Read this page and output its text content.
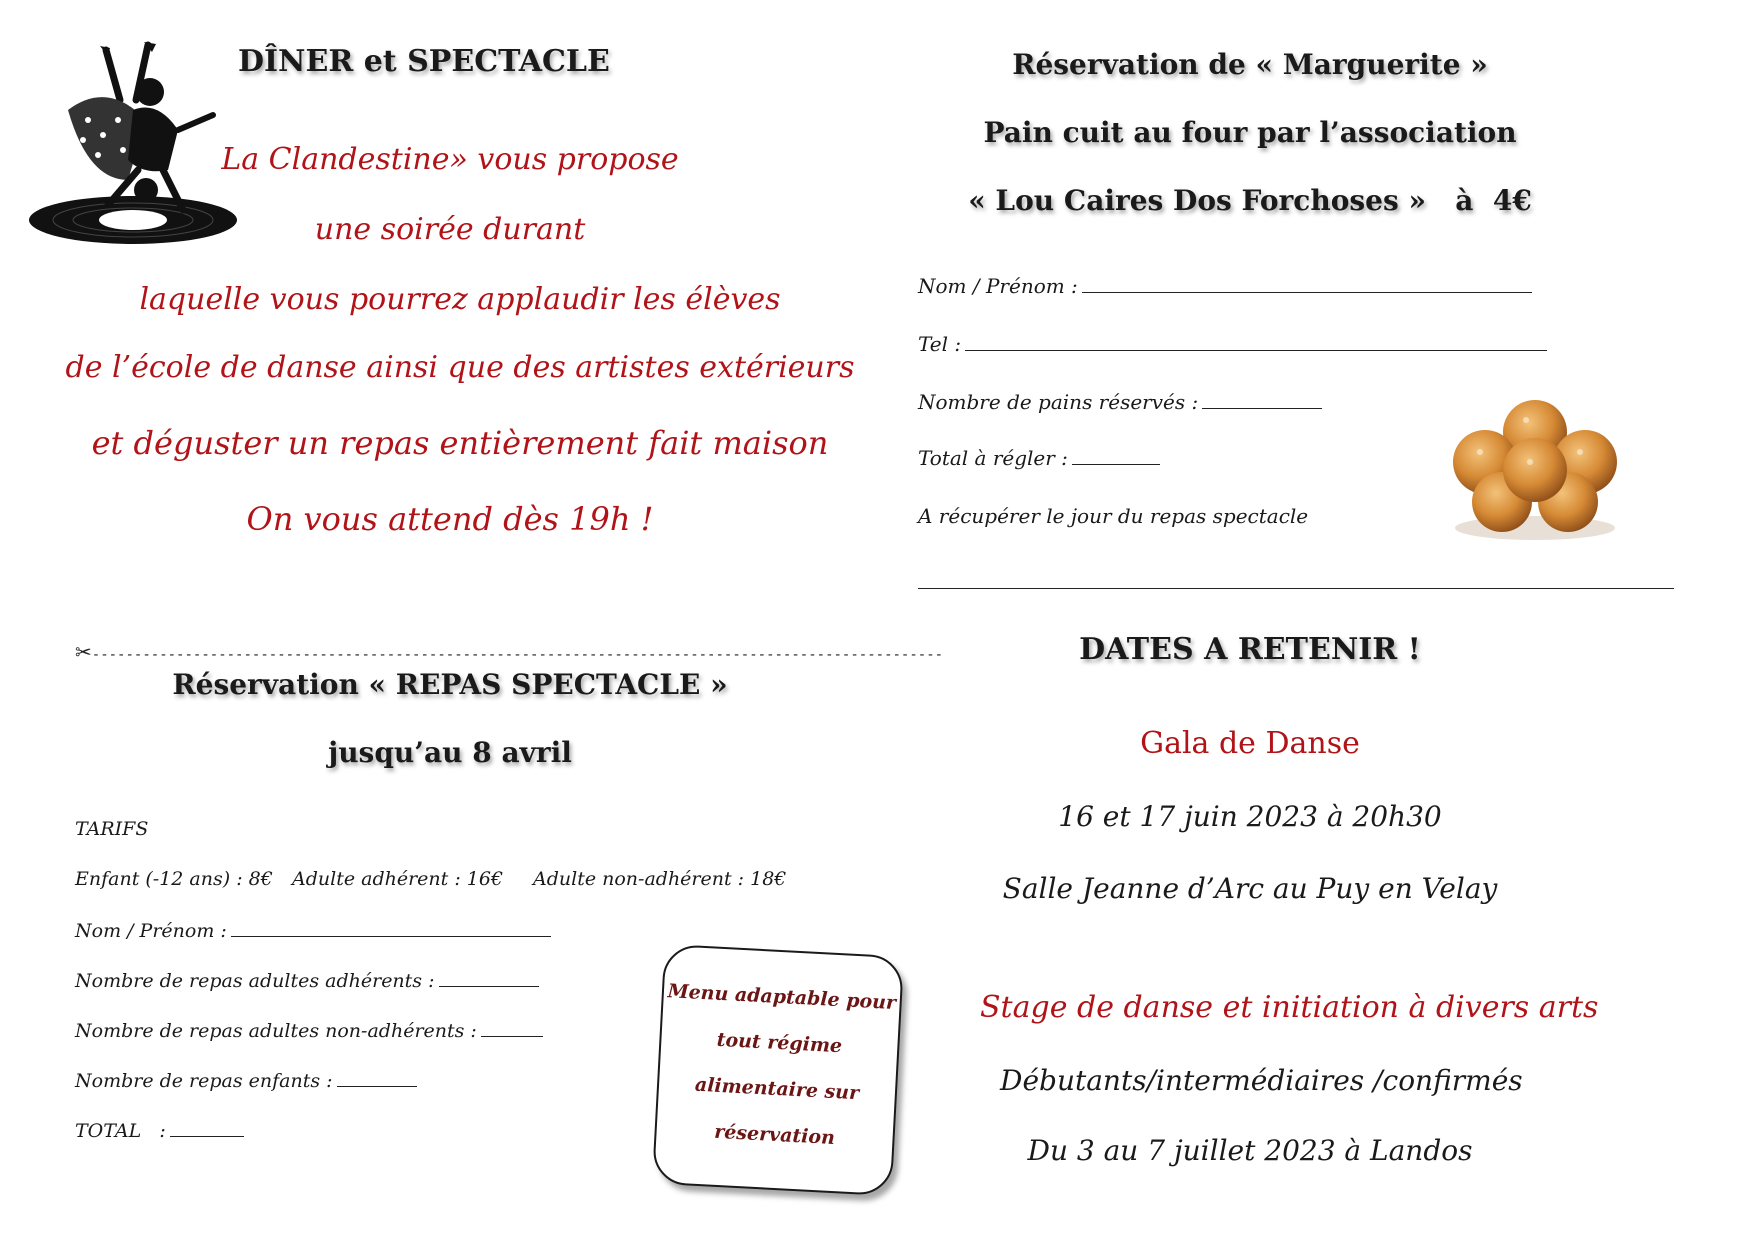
DÎNER et SPECTACLE
La Clandestine» vous propose
une soirée durant
laquelle vous pourrez applaudir les élèves
de l’école de danse ainsi que des artistes extérieurs
et déguster un repas entièrement fait maison
On vous attend dès 19h !
✂-----------------------------------------------------------------------------------------------------
Réservation « REPAS SPECTACLE »
jusqu’au 8 avril
TARIFS
Enfant (-12 ans) : 8€ Adulte adhérent : 16€ Adulte non-adhérent : 18€
Nom / Prénom :
Nombre de repas adultes adhérents :
Nombre de repas adultes non-adhérents :
Nombre de repas enfants :
TOTAL   :
Menu adaptable pour
tout régime
alimentaire sur
réservation
Réservation de « Marguerite »
Pain cuit au four par l’association
« Lou Caires Dos Forchoses »   à  4€
Nom / Prénom :
Tel :
Nombre de pains réservés :
Total à régler :
A récupérer le jour du repas spectacle
DATES A RETENIR !
Gala de Danse
16 et 17 juin 2023 à 20h30
Salle Jeanne d’Arc au Puy en Velay
Stage de danse et initiation à divers arts
Débutants/intermédiaires /confirmés
Du 3 au 7 juillet 2023 à Landos
